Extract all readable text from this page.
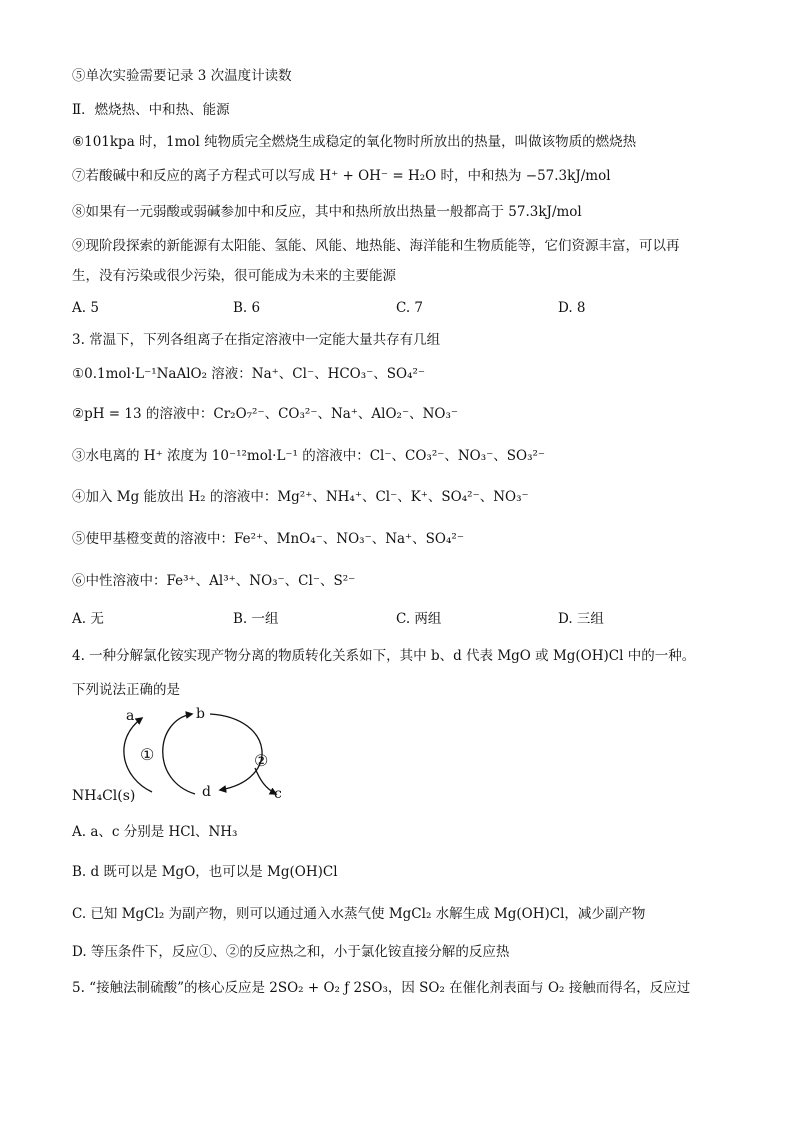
⑤单次实验需要记录 3 次温度计读数
Ⅱ．燃烧热、中和热、能源
⑥101kpa 时，1mol 纯物质完全燃烧生成稳定的氧化物时所放出的热量，叫做该物质的燃烧热
⑦若酸碱中和反应的离子方程式可以写成 H⁺ + OH⁻ = H₂O 时，中和热为 −57.3kJ/mol
⑧如果有一元弱酸或弱碱参加中和反应，其中和热所放出热量一般都高于 57.3kJ/mol
⑨现阶段探索的新能源有太阳能、氢能、风能、地热能、海洋能和生物质能等，它们资源丰富，可以再
生，没有污染或很少污染，很可能成为未来的主要能源
A. 5	B. 6	C. 7	D. 8
3. 常温下，下列各组离子在指定溶液中一定能大量共存有几组
①0.1mol·L⁻¹NaAlO₂ 溶液：Na⁺、Cl⁻、HCO₃⁻、SO₄²⁻
②pH = 13 的溶液中：Cr₂O₇²⁻、CO₃²⁻、Na⁺、AlO₂⁻、NO₃⁻
③水电离的 H⁺ 浓度为 10⁻¹²mol·L⁻¹ 的溶液中：Cl⁻、CO₃²⁻、NO₃⁻、SO₃²⁻
④加入 Mg 能放出 H₂ 的溶液中：Mg²⁺、NH₄⁺、Cl⁻、K⁺、SO₄²⁻、NO₃⁻
⑤使甲基橙变黄的溶液中：Fe²⁺、MnO₄⁻、NO₃⁻、Na⁺、SO₄²⁻
⑥中性溶液中：Fe³⁺、Al³⁺、NO₃⁻、Cl⁻、S²⁻
A. 无	B. 一组	C. 两组	D. 三组
4. 一种分解氯化铵实现产物分离的物质转化关系如下，其中 b、d 代表 MgO 或 Mg(OH)Cl 中的一种。
下列说法正确的是
a	b
①	②
d	c
NH₄Cl(s)
A. a、c 分别是 HCl、NH₃
B. d 既可以是 MgO，也可以是 Mg(OH)Cl
C. 已知 MgCl₂ 为副产物，则可以通过通入水蒸气使 MgCl₂ 水解生成 Mg(OH)Cl，减少副产物
D. 等压条件下，反应①、②的反应热之和，小于氯化铵直接分解的反应热
5. “接触法制硫酸”的核心反应是 2SO₂ + O₂ ƒ 2SO₃，因 SO₂ 在催化剂表面与 O₂ 接触而得名，反应过
